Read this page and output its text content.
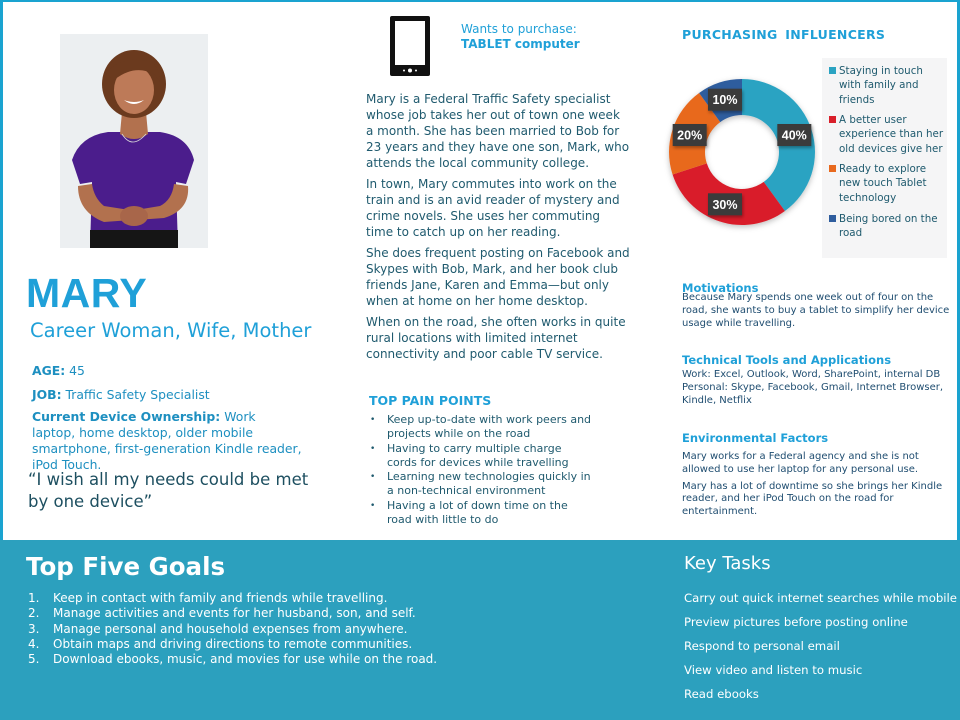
MARY
Career Woman, Wife, Mother
AGE: 45
JOB: Traffic Safety Specialist
Current Device Ownership: Work laptop, home desktop, older mobile smartphone, first-generation Kindle reader, iPod Touch.
“I wish all my needs could be met by one device”
Wants to purchase:
TABLET computer

Mary is a Federal Traffic Safety specialist whose job takes her out of town one week a month. She has been married to Bob for 23 years and they have one son, Mark, who attends the local community college.

In town, Mary commutes into work on the train and is an avid reader of mystery and crime novels. She uses her commuting time to catch up on her reading.

She does frequent posting on Facebook and Skypes with Bob, Mark, and her book club friends Jane, Karen and Emma—but only when at home on her home desktop.

When on the road, she often works in quite rural locations with limited internet connectivity and poor cable TV service.

TOP PAIN POINTS
• Keep up-to-date with work peers and projects while on the road
• Having to carry multiple charge cords for devices while travelling
• Learning new technologies quickly in a non-technical environment
• Having a lot of down time on the road with little to do
PURCHASING INFLUENCERS
40%
30%
20%
10%
Staying in touch with family and friends
A better user experience than her old devices give her
Ready to explore new touch Tablet technology
Being bored on the road
Motivations
Because Mary spends one week out of four on the road, she wants to buy a tablet to simplify her device usage while travelling.
Technical Tools and Applications
Work: Excel, Outlook, Word, SharePoint, internal DB
Personal: Skype, Facebook, Gmail, Internet Browser, Kindle, Netflix
Environmental Factors

Mary works for a Federal agency and she is not allowed to use her laptop for any personal use.

Mary has a lot of downtime so she brings her Kindle reader, and her iPod Touch on the road for entertainment.

Top Five Goals
1. Keep in contact with family and friends while travelling.
2. Manage activities and events for her husband, son, and self.
3. Manage personal and household expenses from anywhere.
4. Obtain maps and driving directions to remote communities.
5. Download ebooks, music, and movies for use while on the road.
Key Tasks
Carry out quick internet searches while mobile
Preview pictures before posting online
Respond to personal email
View video and listen to music
Read ebooks
